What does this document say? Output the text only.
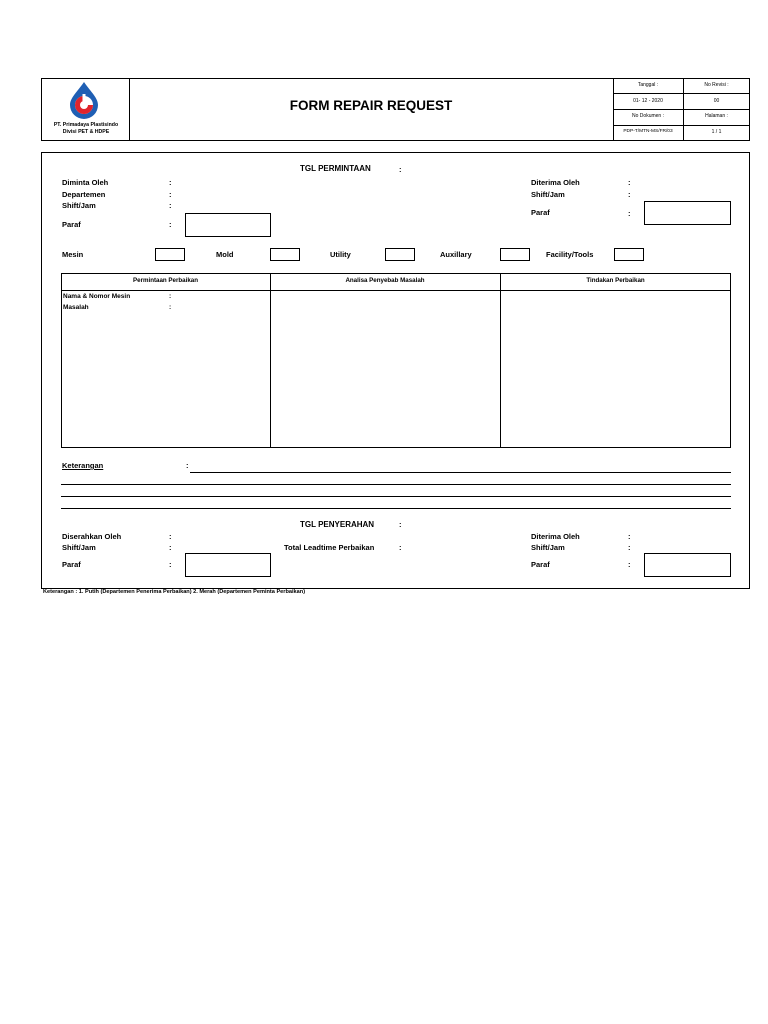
PT. Primadaya Plastisindo
Divisi PET & HDPE
FORM REPAIR REQUEST
Tanggal :	No Revisi :
01- 12 - 2020	00
No Dokumen :	Halaman :
PDP-T/MTN-MS/FR/03	1 / 1
TGL PERMINTAAN	:
Diminta Oleh	:
Departemen	:
Shift/Jam	:
Paraf	:
Diterima Oleh	:
Shift/Jam	:
Paraf	:
Mesin	Mold	Utility	Auxillary	Facility/Tools
Permintaan Perbaikan	Analisa Penyebab Masalah	Tindakan Perbaikan
Nama & Nomor Mesin	:
Masalah	:
Keterangan	:
TGL PENYERAHAN	:
Diserahkan Oleh	:
Shift/Jam	:
Paraf	:
Total Leadtime Perbaikan	:
Diterima Oleh	:
Shift/Jam	:
Paraf	:
Keterangan : 1. Putih (Departemen Penerima Perbaikan) 2. Merah (Departemen Peminta Perbaikan)
